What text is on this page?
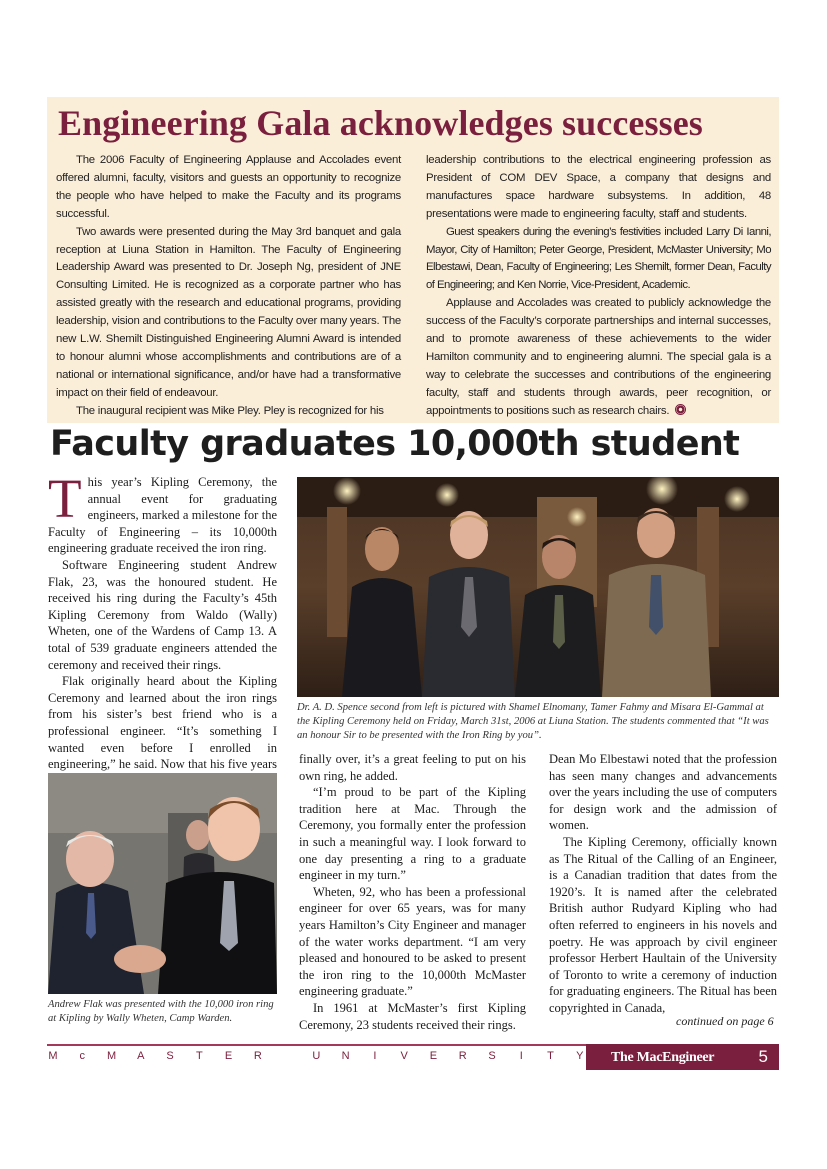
Engineering Gala acknowledges successes

The 2006 Faculty of Engineering Applause and Accolades event offered alumni, faculty, visitors and guests an opportunity to recognize the people who have helped to make the Faculty and its programs successful.

Two awards were presented during the May 3rd banquet and gala reception at Liuna Station in Hamilton. The Faculty of Engineering Leadership Award was presented to Dr. Joseph Ng, president of JNE Consulting Limited. He is recognized as a corporate partner who has assisted greatly with the research and educational programs, providing leadership, vision and contributions to the Faculty over many years. The new L.W. Shemilt Distinguished Engineering Alumni Award is intended to honour alumni whose accomplishments and contributions are of a national or international significance, and/or have had a transformative impact on their field of endeavour.

The inaugural recipient was Mike Pley. Pley is recognized for his

leadership contributions to the electrical engineering profession as President of COM DEV Space, a company that designs and manufactures space hardware subsystems. In addition, 48 presentations were made to engineering faculty, staff and students.

Guest speakers during the evening’s festivities included Larry Di Ianni, Mayor, City of Hamilton; Peter George, President, McMaster University; Mo Elbestawi, Dean, Faculty of Engineering; Les Shemilt, former Dean, Faculty of Engineering; and Ken Norrie, Vice-President, Academic.

Applause and Accolades was created to publicly acknowledge the success of the Faculty’s corporate partnerships and internal successes, and to promote awareness of these achievements to the wider Hamilton community and to engineering alumni. The special gala is a way to celebrate the successes and contributions of the engineering faculty, staff and students through awards, peer recognition, or appointments to positions such as research chairs.

Faculty graduates 10,000th student

This year’s Kipling Ceremony, the annual event for graduating engineers, marked a milestone for the Faculty of Engineering – its 10,000th engineering graduate received the iron ring.

Software Engineering student Andrew Flak, 23, was the honoured student. He received his ring during the Faculty’s 45th Kipling Ceremony from Waldo (Wally) Wheten, one of the Wardens of Camp 13. A total of 539 graduate engineers attended the ceremony and received their rings.

Flak originally heard about the Kipling Ceremony and learned about the iron rings from his sister’s best friend who is a professional engineer. “It’s something I wanted even before I enrolled in engineering,” he said. Now that his five years

Dr. A. D. Spence second from left is pictured with Shamel Elnomany, Tamer Fahmy and Misara El-Gammal at the Kipling Ceremony held on Friday, March 31st, 2006 at Liuna Station. The students commented that “It was an honour Sir to be presented with the Iron Ring by you”.
Andrew Flak was presented with the 10,000 iron ring at Kipling by Wally Wheten, Camp Warden.

finally over, it’s a great feeling to put on his own ring, he added.

“I’m proud to be part of the Kipling tradition here at Mac. Through the Ceremony, you formally enter the profession in such a meaningful way. I look forward to one day presenting a ring to a graduate engineer in my turn.”

Wheten, 92, who has been a professional engineer for over 65 years, was for many years Hamilton’s City Engineer and manager of the water works department. “I am very pleased and honoured to be asked to present the iron ring to the 10,000th McMaster engineering graduate.”

In 1961 at McMaster’s first Kipling Ceremony, 23 students received their rings.

Dean Mo Elbestawi noted that the profession has seen many changes and advancements over the years including the use of computers for design work and the admission of women.

The Kipling Ceremony, officially known as The Ritual of the Calling of an Engineer, is a Canadian tradition that dates from the 1920’s. It is named after the celebrated British author Rudyard Kipling who had often referred to engineers in his novels and poetry. He was approach by civil engineer professor Herbert Haultain of the University of Toronto to write a ceremony of induction for graduating engineers. The Ritual has been copyrighted in Canada,

continued on page 6
M c M A S T E R	U N	I	V E R S	I	T Y The MacEngineer	5
